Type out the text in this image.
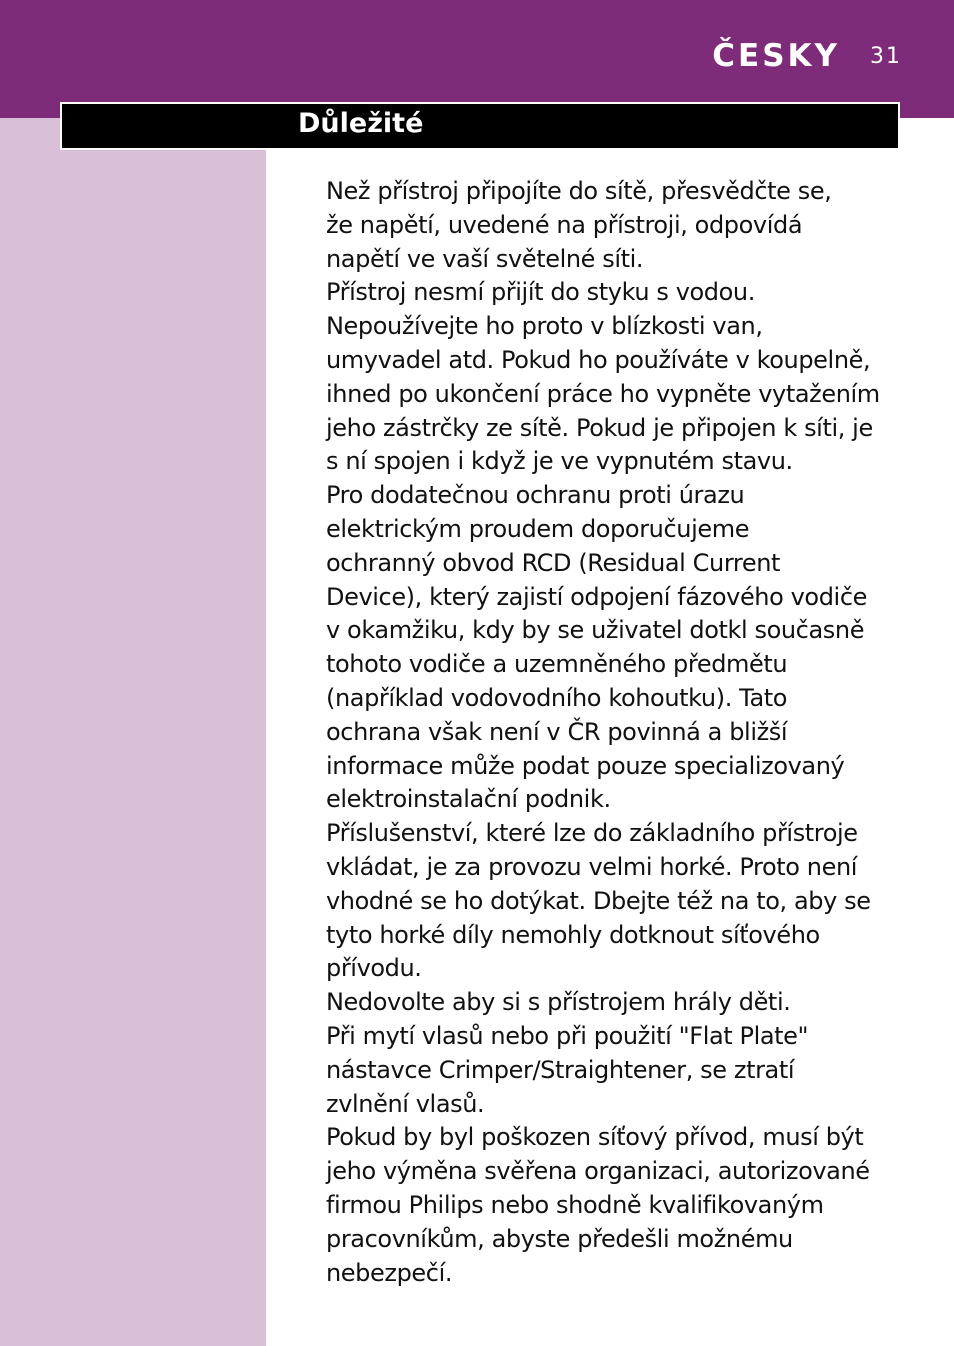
ČESKY 31
Důležité
Než přístroj připojíte do sítě, přesvědčte se,
že napětí, uvedené na přístroji, odpovídá
napětí ve vaší světelné síti.
Přístroj nesmí přijít do styku s vodou.
Nepoužívejte ho proto v blízkosti van,
umyvadel atd. Pokud ho používáte v koupelně,
ihned po ukončení práce ho vypněte vytažením
jeho zástrčky ze sítě. Pokud je připojen k síti, je
s ní spojen i když je ve vypnutém stavu.
Pro dodatečnou ochranu proti úrazu
elektrickým proudem doporučujeme
ochranný obvod RCD (Residual Current
Device), který zajistí odpojení fázového vodiče
v okamžiku, kdy by se uživatel dotkl současně
tohoto vodiče a uzemněného předmětu
(například vodovodního kohoutku). Tato
ochrana však není v ČR povinná a bližší
informace může podat pouze specializovaný
elektroinstalační podnik.
Příslušenství, které lze do základního přístroje
vkládat, je za provozu velmi horké. Proto není
vhodné se ho dotýkat. Dbejte též na to, aby se
tyto horké díly nemohly dotknout síťového
přívodu.
Nedovolte aby si s přístrojem hrály děti.
Při mytí vlasů nebo při použití "Flat Plate"
nástavce Crimper/Straightener, se ztratí
zvlnění vlasů.
Pokud by byl poškozen síťový přívod, musí být
jeho výměna svěřena organizaci, autorizované
firmou Philips nebo shodně kvalifikovaným
pracovníkům, abyste předešli možnému
nebezpečí.
